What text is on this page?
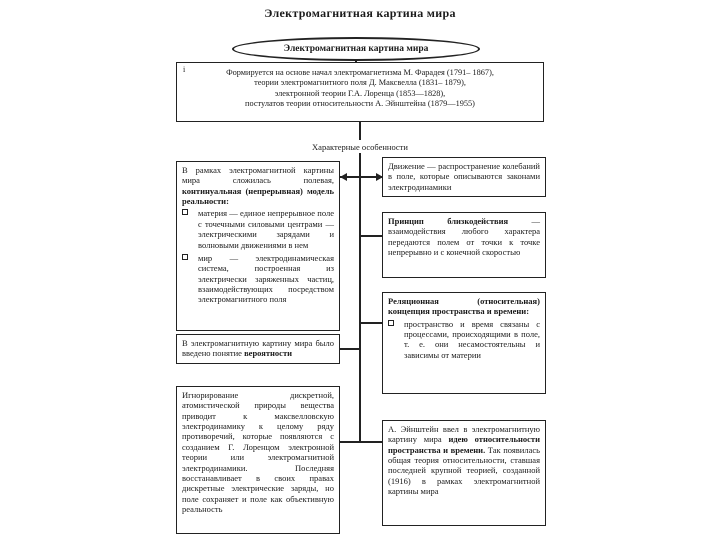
Электромагнитная картина мира
Электромагнитная картина мира
i	Формируется на основе начал электромагнетизма М. Фарадея (1791– 1867),
теории электромагнитного поля Д. Максвелла (1831– 1879),
электронной теории Г.А. Лоренца (1853—1828),
постулатов теории относительности А. Эйнштейна (1879—1955)
Характерные особенности
В рамках электромагнитной картины мира сложилась полевая, континуальная (непрерывная) модель реальности:
материя — единое непрерывное поле с точечными силовыми центрами — электрическими зарядами и волновыми движениями в нем
мир — электродинамическая система, построенная из электрически заряженных частиц, взаимодействующих посредством электромагнитного поля
В электромагнитную картину мира было введено понятие вероятности
Игнорирование дискретной, атомистической природы вещества приводит к максвелловскую электродинамику к целому ряду противоречий, которые появляются с созданием Г. Лоренцом электронной теории или электромагнитной электродинамики. Последняя восстанавливает в своих правах дискретные электрические заряды, но поле сохраняет и поле как объективную реальность
Движение — распространение колебаний в поле, которые описываются законами электродинамики
Принцип близкодействия — взаимодействия любого характера передаются полем от точки к точке непрерывно и с конечной скоростью
Реляционная (относительная) концепция пространства и времени:
пространство и время связаны с процессами, происходящими в поле, т. е. они несамостоятельны и зависимы от материи
А. Эйнштейн ввел в электромагнитную картину мира идею относительности пространства и времени. Так появилась общая теория относительности, ставшая последней крупной теорией, созданной (1916) в рамках электромагнитной картины мира
